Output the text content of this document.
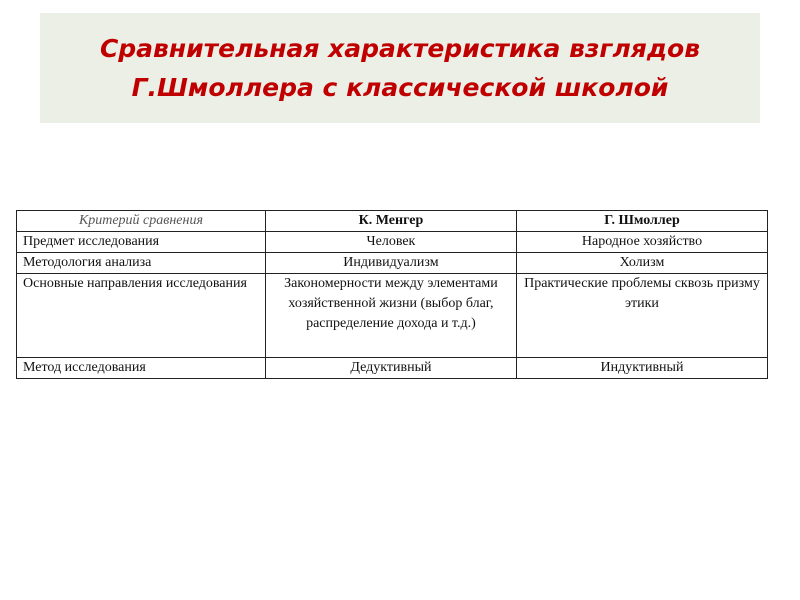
Сравнительная характеристика взглядов
Г.Шмоллера с классической школой
Критерий сравнения	К. Менгер	Г. Шмоллер
Предмет исследования	Человек	Народное хозяйство
Методология анализа	Индивидуализм	Холизм
Основные направления исследования	Закономерности между элементами хозяйственной жизни (выбор благ, распределение дохода и т.д.)	Практические проблемы сквозь призму этики
Метод исследования	Дедуктивный	Индуктивный
